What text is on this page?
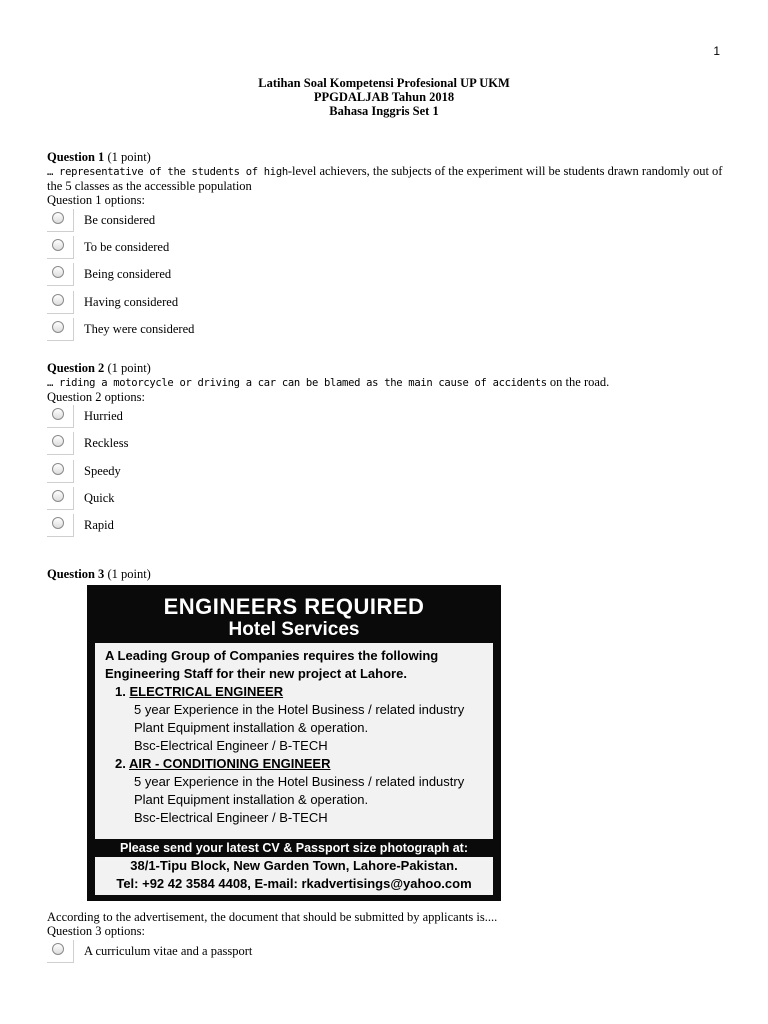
1
Latihan Soal Kompetensi Profesional UP UKM
PPGDALJAB Tahun 2018
Bahasa Inggris Set 1
Question 1 (1 point)
… representative of the students of high-level achievers, the subjects of the experiment will be students drawn randomly out of the 5 classes as the accessible population
Question 1 options:
Be considered
To be considered
Being considered
Having considered
They were considered
Question 2 (1 point)
… riding a motorcycle or driving a car can be blamed as the main cause of accidents on the road.
Question 2 options:
Hurried
Reckless
Speedy
Quick
Rapid
Question 3 (1 point)
ENGINEERS REQUIRED
Hotel Services
A Leading Group of Companies requires the following
Engineering Staff for their new project at Lahore.
1. ELECTRICAL ENGINEER
5 year Experience in the Hotel Business / related industry
Plant Equipment installation & operation.
Bsc-Electrical Engineer / B-TECH
2. AIR - CONDITIONING ENGINEER
5 year Experience in the Hotel Business / related industry
Plant Equipment installation & operation.
Bsc-Electrical Engineer / B-TECH
Please send your latest CV & Passport size photograph at:
38/1-Tipu Block, New Garden Town, Lahore-Pakistan.
Tel: +92 42 3584 4408, E-mail: rkadvertisings@yahoo.com
According to the advertisement, the document that should be submitted by applicants is....
Question 3 options:
A curriculum vitae and a passport
